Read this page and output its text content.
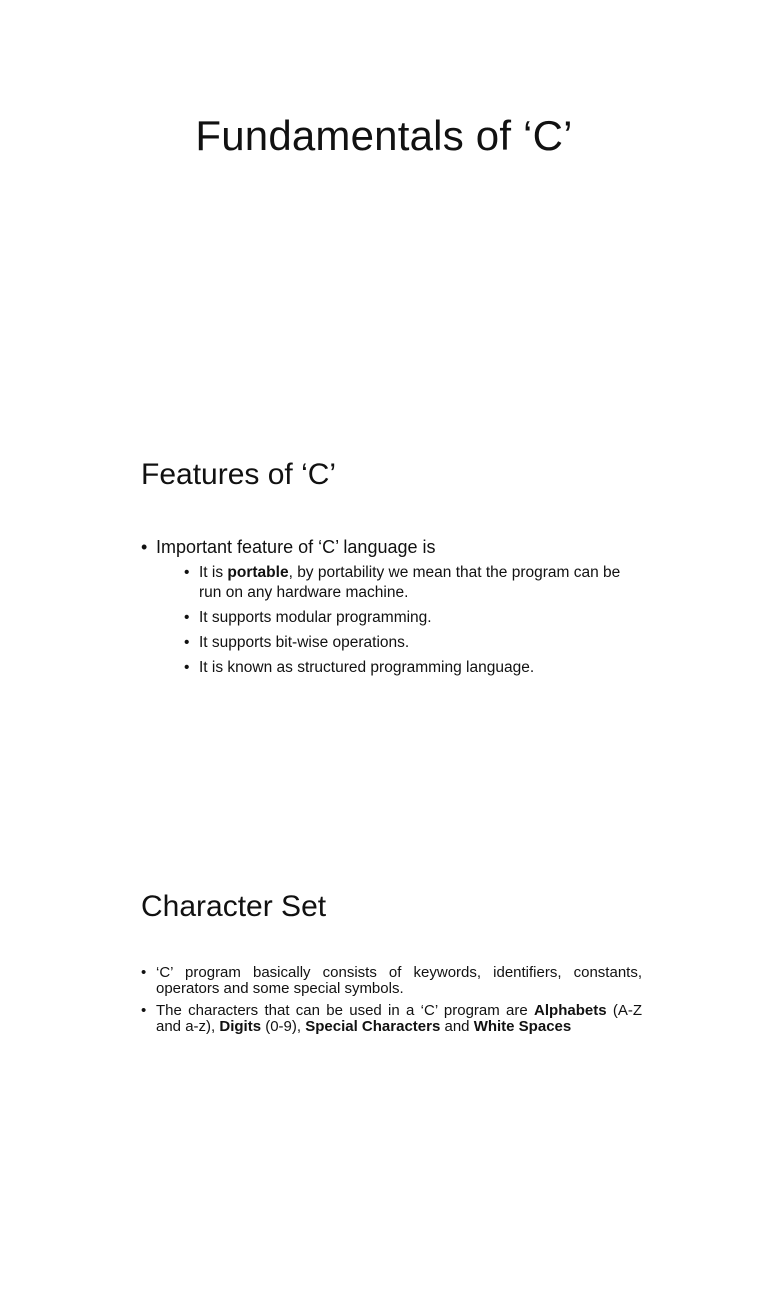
Fundamentals of ‘C’
Features of ‘C’
• Important feature of ‘C’ language is
• It is portable, by portability we mean that the program can be run on any hardware machine.
• It supports modular programming.
• It supports bit-wise operations.
• It is known as structured programming language.
Character Set
• ‘C’ program basically consists of keywords, identifiers, constants, operators and some special symbols.
• The characters that can be used in a ‘C’ program are Alphabets (A-Z and a-z), Digits (0-9), Special Characters and White Spaces
